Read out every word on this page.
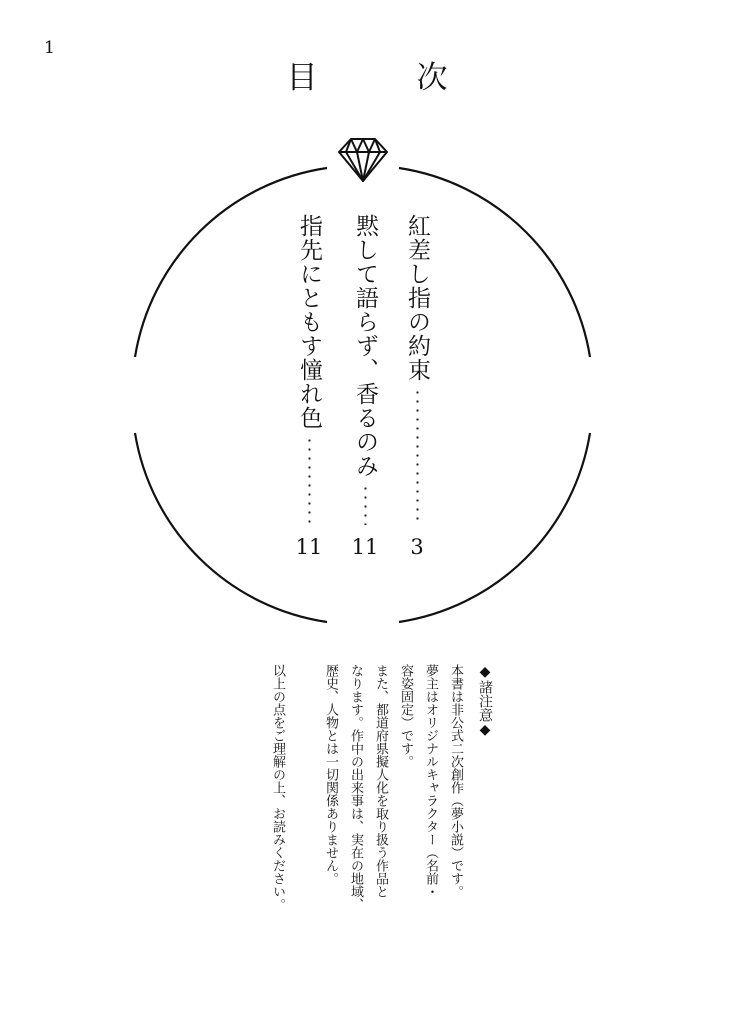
1
目　次
紅差し指の約束
3
黙して語らず、香るのみ
11
指先にともす憧れ色
11
◆諸注意◆

本書は非公式二次創作（夢小説）です。
夢主はオリジナルキャラクター（名前・
容姿固定）です。

また、都道府県擬人化を取り扱う作品と
なります。作中の出来事は、実在の地域、
歴史、人物とは一切関係ありません。

以上の点をご理解の上、お読みください。
